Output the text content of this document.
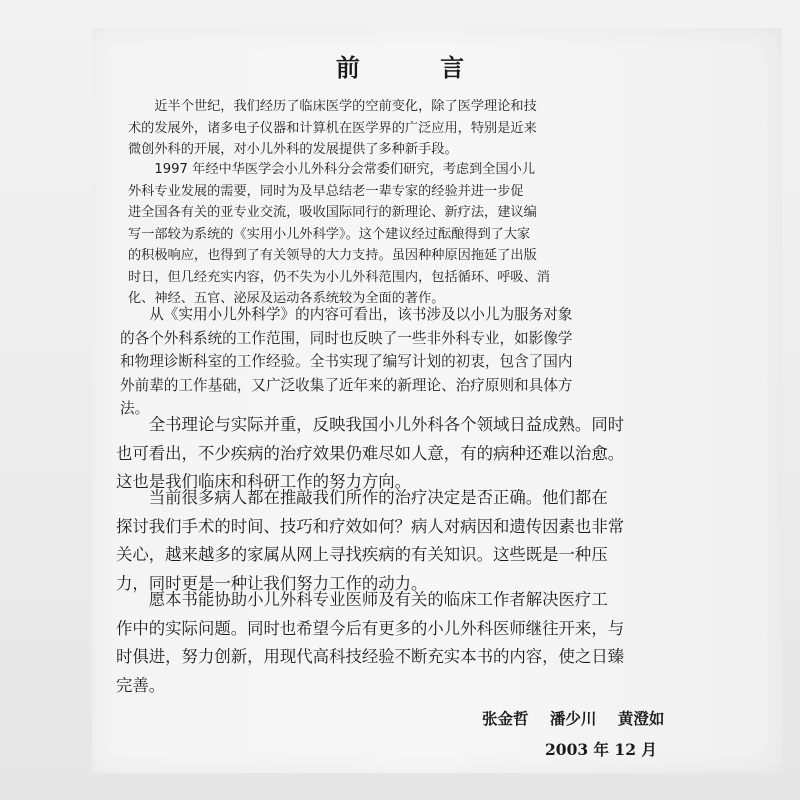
前 言
　　近半个世纪，我们经历了临床医学的空前变化，除了医学理论和技
术的发展外，诸多电子仪器和计算机在医学界的广泛应用，特别是近来
微创外科的开展，对小儿外科的发展提供了多种新手段。
　　1997 年经中华医学会小儿外科分会常委们研究，考虑到全国小儿
外科专业发展的需要，同时为及早总结老一辈专家的经验并进一步促
进全国各有关的亚专业交流，吸收国际同行的新理论、新疗法，建议编
写一部较为系统的《实用小儿外科学》。这个建议经过酝酿得到了大家
的积极响应，也得到了有关领导的大力支持。虽因种种原因拖延了出版
时日，但几经充实内容，仍不失为小儿外科范围内，包括循环、呼吸、消
化、神经、五官、泌尿及运动各系统较为全面的著作。
　　从《实用小儿外科学》的内容可看出，该书涉及以小儿为服务对象
的各个外科系统的工作范围，同时也反映了一些非外科专业，如影像学
和物理诊断科室的工作经验。全书实现了编写计划的初衷，包含了国内
外前辈的工作基础，又广泛收集了近年来的新理论、治疗原则和具体方
法。
　　全书理论与实际并重，反映我国小儿外科各个领域日益成熟。同时
也可看出，不少疾病的治疗效果仍难尽如人意，有的病种还难以治愈。
这也是我们临床和科研工作的努力方向。
　　当前很多病人都在推敲我们所作的治疗决定是否正确。他们都在
探讨我们手术的时间、技巧和疗效如何？病人对病因和遗传因素也非常
关心，越来越多的家属从网上寻找疾病的有关知识。这些既是一种压
力，同时更是一种让我们努力工作的动力。
　　愿本书能协助小儿外科专业医师及有关的临床工作者解决医疗工
作中的实际问题。同时也希望今后有更多的小儿外科医师继往开来，与
时俱进，努力创新，用现代高科技经验不断充实本书的内容，使之日臻
完善。
张金哲 潘少川 黄澄如
2003 年 12 月
